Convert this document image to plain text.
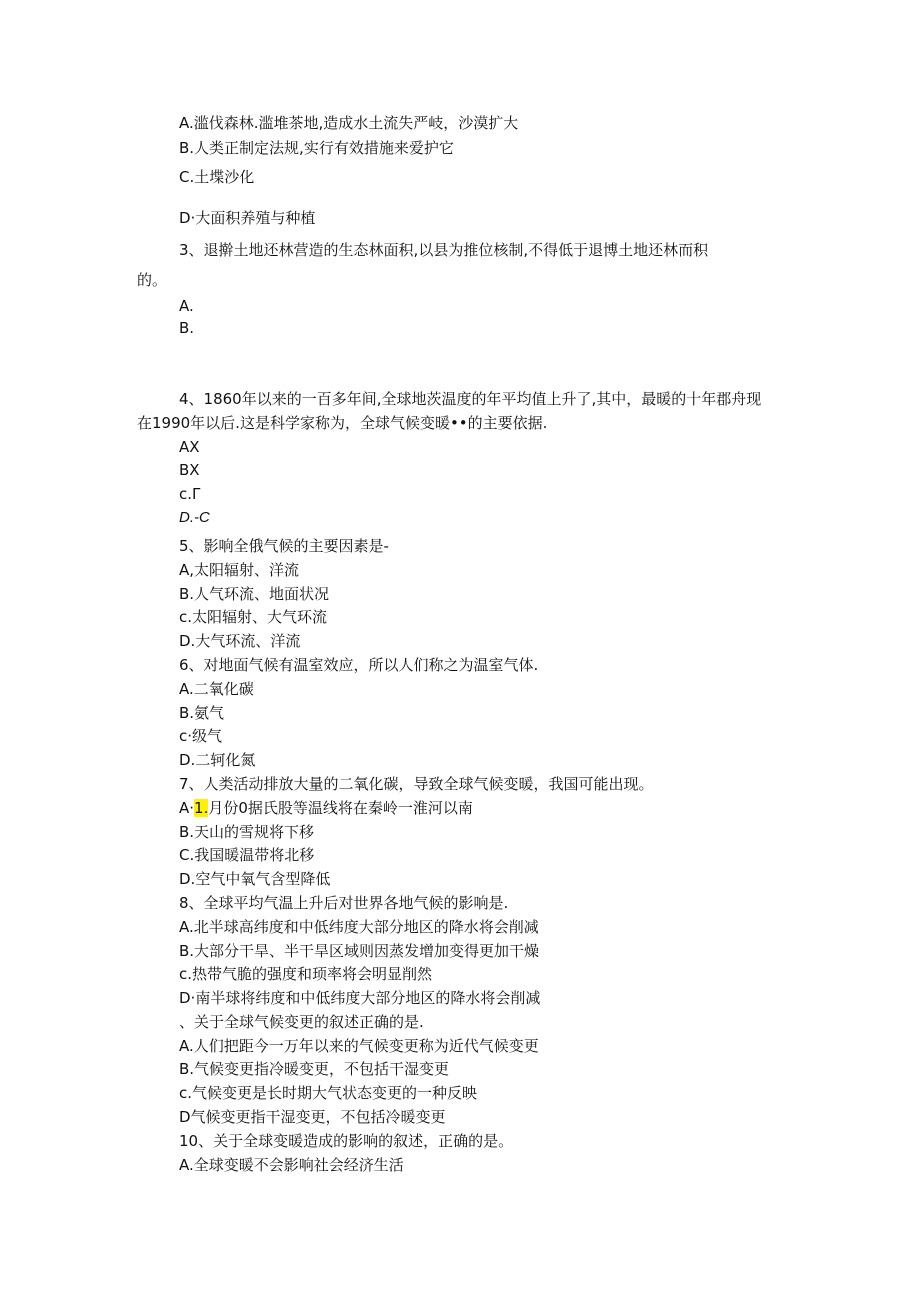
A.滥伐森林.滥堆茶地,造成水土流失严岐，沙漠扩大
B.人类正制定法规,实行有效措施来爱护它
C.土堞沙化
D·大面积养殖与种植
3、退擀土地还林营造的生态林面积,以县为推位核制,不得低于退博土地还林而积
的。
A.
B.
4、1860年以来的一百多年间,全球地茨温度的年平均值上升了,其中，最暖的十年郡舟现
在1990年以后.这是科学家称为，全球气候变暖••的主要依据.
AX
BX
c.Γ
D.-C
5、影响全俄气候的主要因素是-
A,太阳辐射、洋流
B.人气环流、地面状况
c.太阳辐射、大气环流
D.大气环流、洋流
6、对地面气候有温室效应，所以人们称之为温室气体.
A.二氧化碳
B.氨气
c·级气
D.二轲化氮
7、人类活动排放大量的二氧化碳，导致全球气候变暖，我国可能出现。
A·1.月份0据氏股等温线将在秦岭一淮河以南
B.天山的雪规将下移
C.我国暖温带将北移
D.空气中氧气含型降低
8、全球平均气温上升后对世界各地气候的影响是.
A.北半球高纬度和中低纬度大部分地区的降水将会削减
B.大部分干旱、半干旱区域则因蒸发增加变得更加干燥
c.热带气脆的强度和顼率将会明显削然
D·南半球将纬度和中低纬度大部分地区的降水将会削减
、关于全球气候变更的叙述正确的是.
A.人们把距今一万年以来的气候变更称为近代气候变更
B.气候变更指冷暖变更，不包括干湿变更
c.气候变更是长时期大气状态变更的一种反映
D气候变更指干湿变更，不包括冷暖变更
10、关于全球变暖造成的影响的叙述，正确的是。
A.全球变暖不会影响社会经济生活
